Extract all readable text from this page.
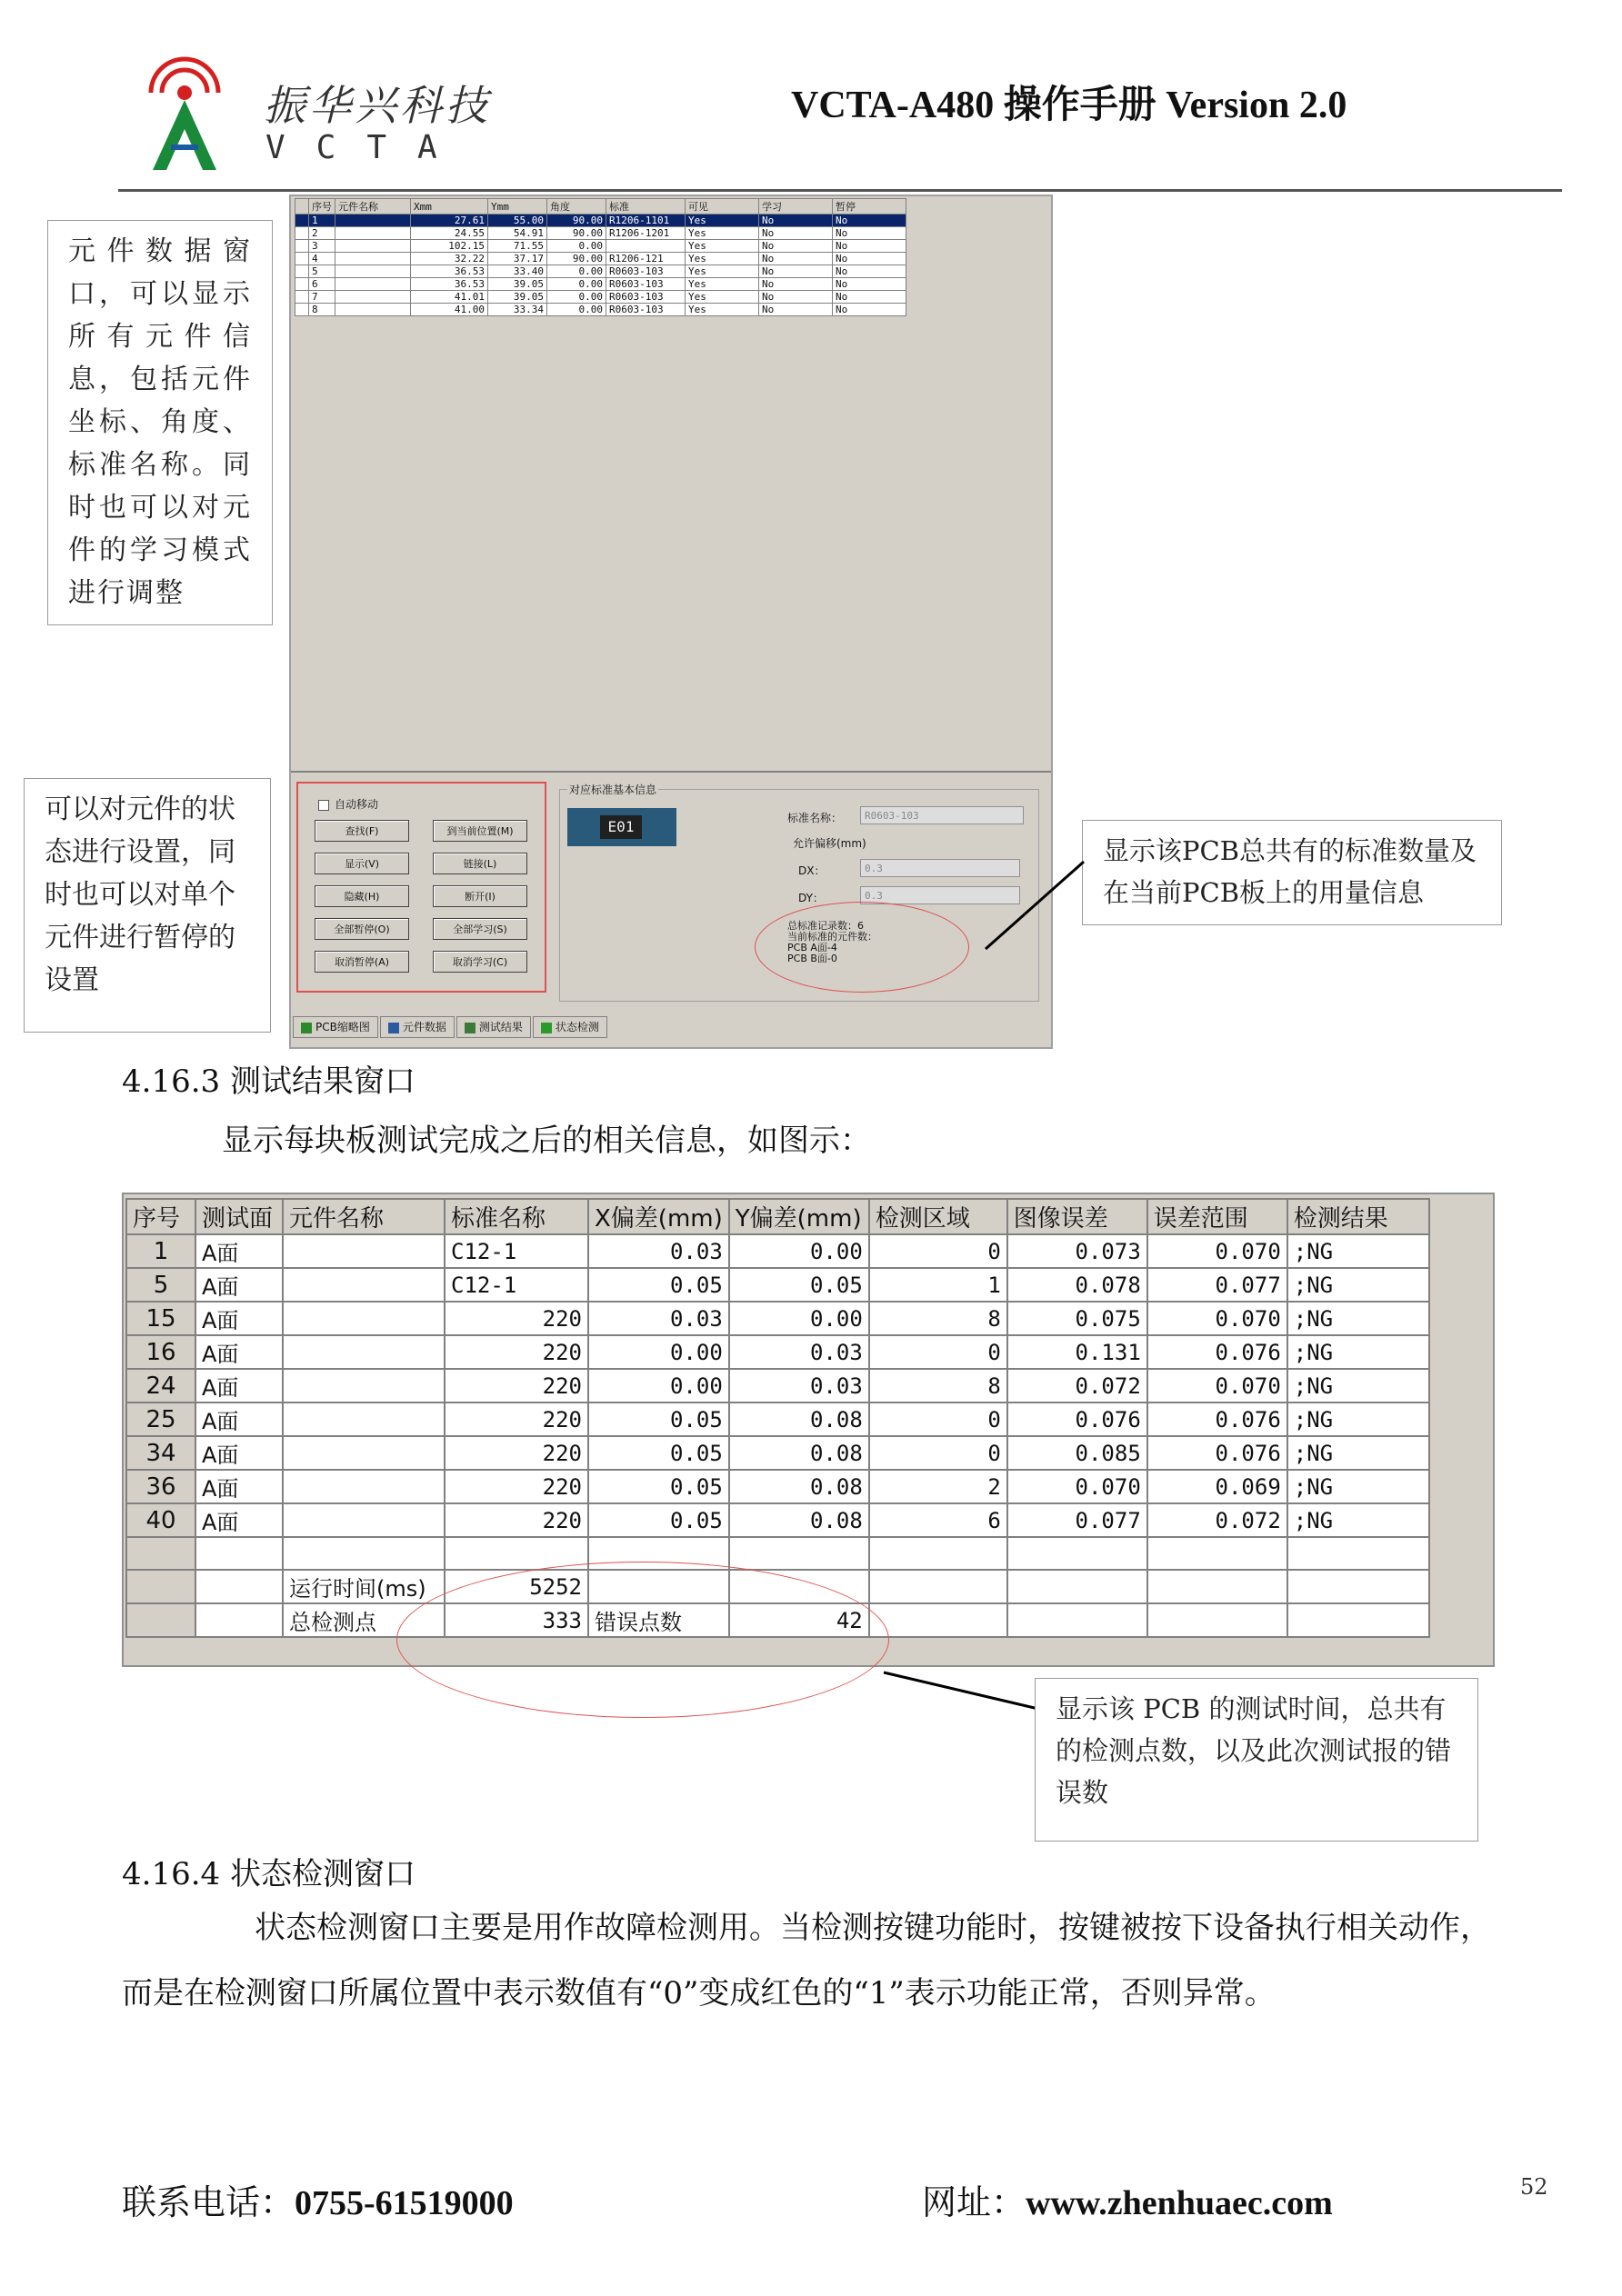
振华兴科技
VCTA
VCTA-A480 操作手册 Version 2.0
	序号	元件名称	Xmm	Ymm	角度	标准	可见	学习	暂停
	1		27.61	55.00	90.00	R1206-1101	Yes	No	No
	2		24.55	54.91	90.00	R1206-1201	Yes	No	No
	3		102.15	71.55	0.00		Yes	No	No
	4		32.22	37.17	90.00	R1206-121	Yes	No	No
	5		36.53	33.40	0.00	R0603-103	Yes	No	No
	6		36.53	39.05	0.00	R0603-103	Yes	No	No
	7		41.01	39.05	0.00	R0603-103	Yes	No	No
	8		41.00	33.34	0.00	R0603-103	Yes	No	No
自动移动
查找(F)	到当前位置(M)
显示(V)	链接(L)
隐藏(H)	断开(I)
全部暂停(O)	全部学习(S)
取消暂停(A)	取消学习(C)
对应标准基本信息
E01	标准名称：	R0603-103
允许偏移(mm)
DX：	0.3
DY：	0.3
总标准记录数：6
当前标准的元件数：
PCB A面-4
PCB B面-0
PCB缩略图	元件数据	测试结果	状态检测
元件数据窗口，可以显示所有元件信息，包括元件坐标、角度、标准名称。同时也可以对元件的学习模式进行调整
可以对元件的状态进行设置，同时也可以对单个元件进行暂停的设置
显示该PCB总共有的标准数量及在当前PCB板上的用量信息
4.16.3 测试结果窗口
显示每块板测试完成之后的相关信息，如图示：
序号	测试面	元件名称	标准名称	X偏差(mm)	Y偏差(mm)	检测区域	图像误差	误差范围	检测结果
1	A面		C12-1	0.03	0.00	0	0.073	0.070	;NG
5	A面		C12-1	0.05	0.05	1	0.078	0.077	;NG
15	A面		220	0.03	0.00	8	0.075	0.070	;NG
16	A面		220	0.00	0.03	0	0.131	0.076	;NG
24	A面		220	0.00	0.03	8	0.072	0.070	;NG
25	A面		220	0.05	0.08	0	0.076	0.076	;NG
34	A面		220	0.05	0.08	0	0.085	0.076	;NG
36	A面		220	0.05	0.08	2	0.070	0.069	;NG
40	A面		220	0.05	0.08	6	0.077	0.072	;NG

		运行时间(ms)	5252						
		总检测点	333	错误点数	42				
显示该 PCB 的测试时间，总共有的检测点数，以及此次测试报的错误数
4.16.4 状态检测窗口
状态检测窗口主要是用作故障检测用。当检测按键功能时，按键被按下设备执行相关动作，
而是在检测窗口所属位置中表示数值有“0”变成红色的“1”表示功能正常，否则异常。
联系电话：0755-61519000	网址：www.zhenhuaec.com	52
